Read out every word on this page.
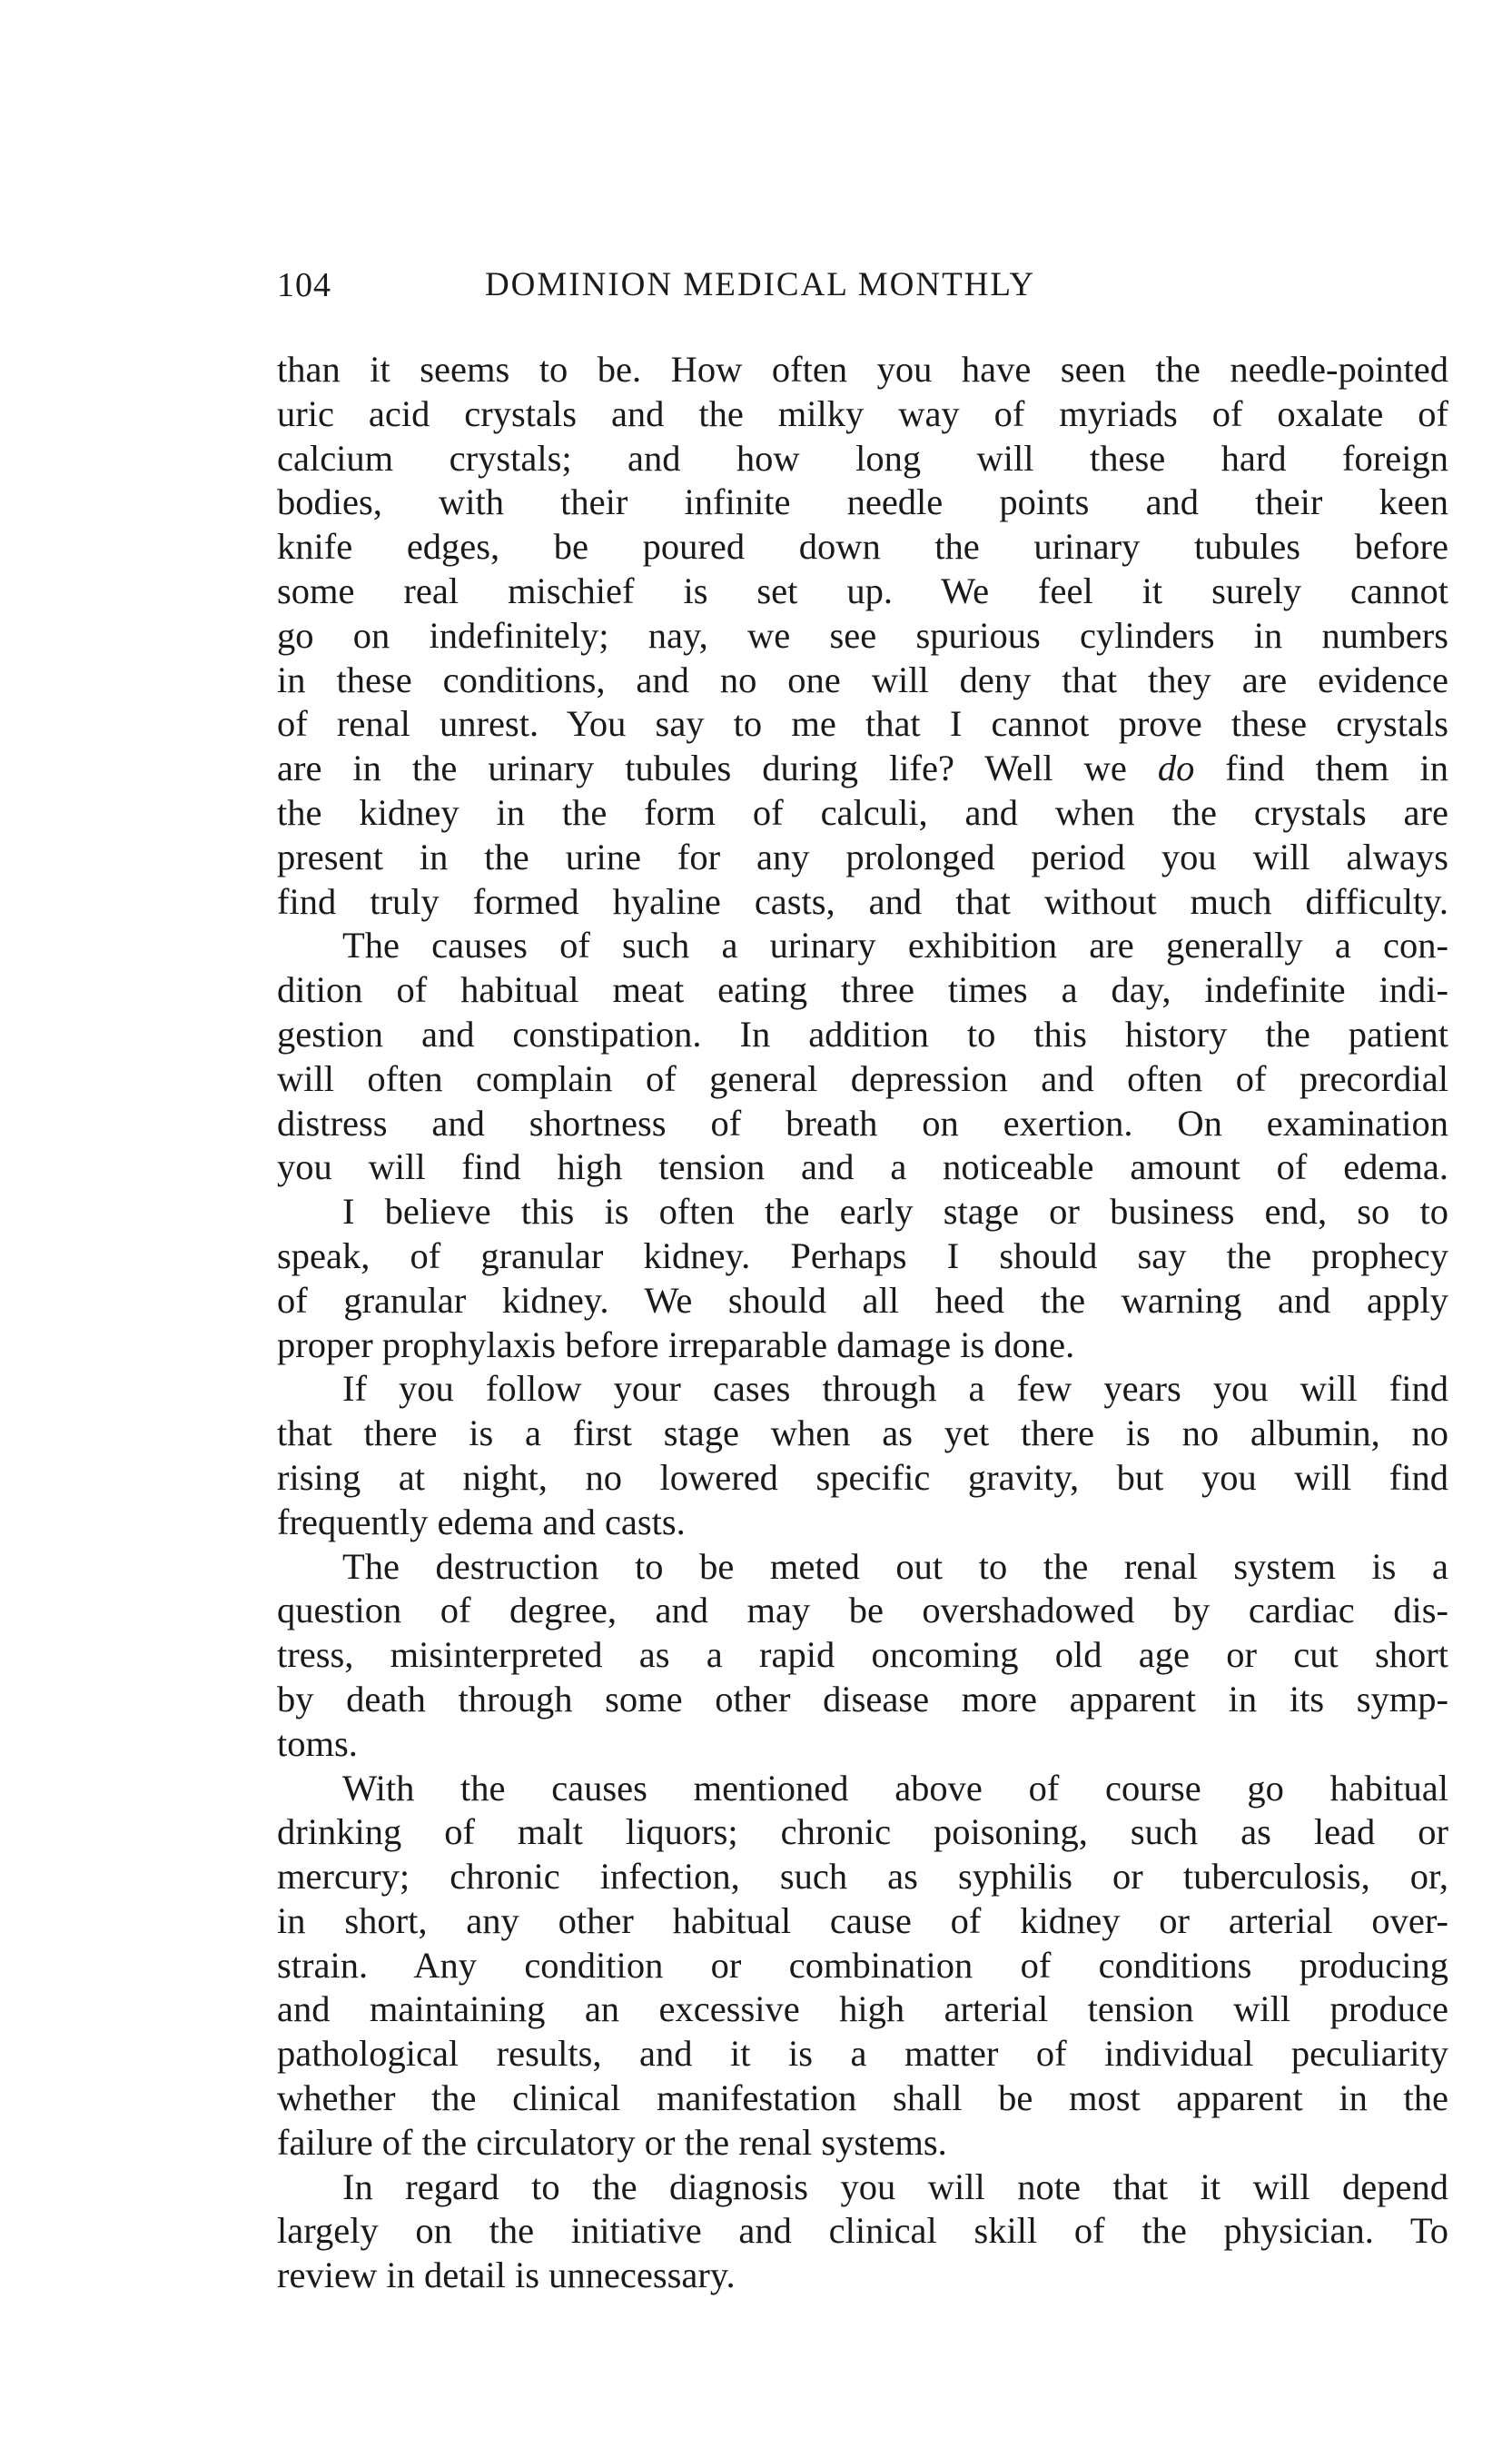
104	DOMINION MEDICAL MONTHLY
than it seems to be. How often you have seen the needle-pointed
uric acid crystals and the milky way of myriads of oxalate of
calcium crystals; and how long will these hard foreign
bodies, with their infinite needle points and their keen
knife edges, be poured down the urinary tubules before
some real mischief is set up. We feel it surely cannot
go on indefinitely; nay, we see spurious cylinders in numbers
in these conditions, and no one will deny that they are evidence
of renal unrest. You say to me that I cannot prove these crystals
are in the urinary tubules during life? Well we do find them in
the kidney in the form of calculi, and when the crystals are
present in the urine for any prolonged period you will always
find truly formed hyaline casts, and that without much difficulty.
The causes of such a urinary exhibition are generally a con-
dition of habitual meat eating three times a day, indefinite indi-
gestion and constipation. In addition to this history the patient
will often complain of general depression and often of precordial
distress and shortness of breath on exertion. On examination
you will find high tension and a noticeable amount of edema.
I believe this is often the early stage or business end, so to
speak, of granular kidney. Perhaps I should say the prophecy
of granular kidney. We should all heed the warning and apply
proper prophylaxis before irreparable damage is done.
If you follow your cases through a few years you will find
that there is a first stage when as yet there is no albumin, no
rising at night, no lowered specific gravity, but you will find
frequently edema and casts.
The destruction to be meted out to the renal system is a
question of degree, and may be overshadowed by cardiac dis-
tress, misinterpreted as a rapid oncoming old age or cut short
by death through some other disease more apparent in its symp-
toms.
With the causes mentioned above of course go habitual
drinking of malt liquors; chronic poisoning, such as lead or
mercury; chronic infection, such as syphilis or tuberculosis, or,
in short, any other habitual cause of kidney or arterial over-
strain. Any condition or combination of conditions producing
and maintaining an excessive high arterial tension will produce
pathological results, and it is a matter of individual peculiarity
whether the clinical manifestation shall be most apparent in the
failure of the circulatory or the renal systems.
In regard to the diagnosis you will note that it will depend
largely on the initiative and clinical skill of the physician. To
review in detail is unnecessary.
